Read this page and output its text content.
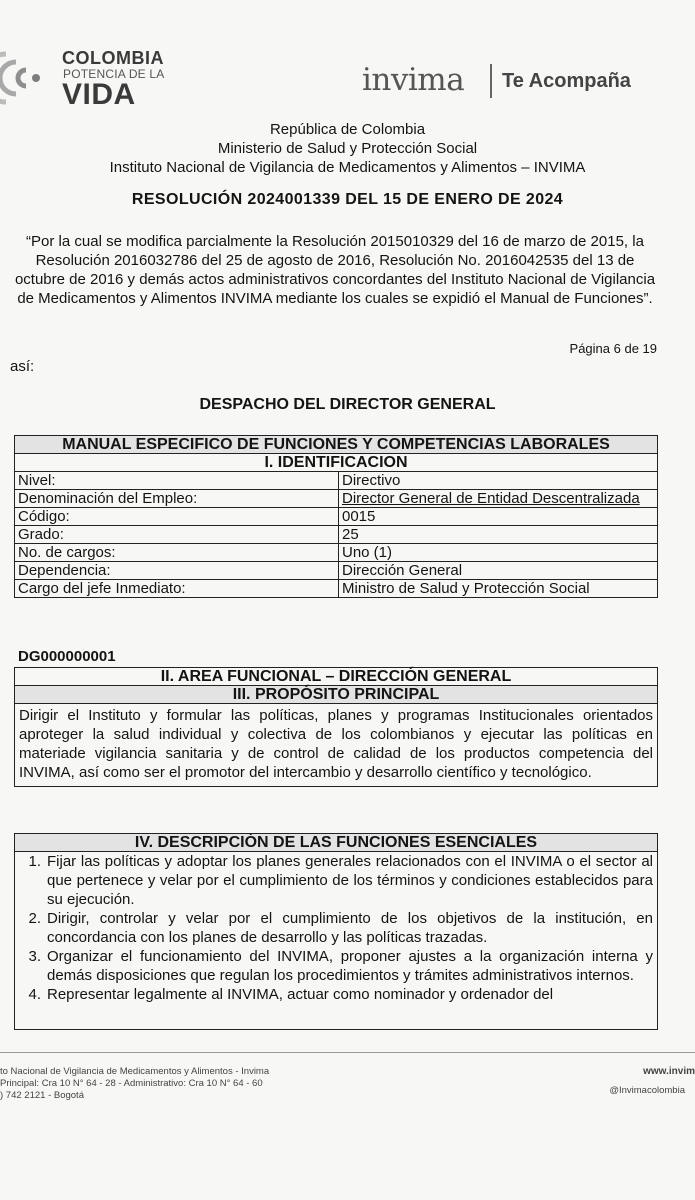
COLOMBIA
POTENCIA DE LA
VIDA	invima Te Acompaña
República de Colombia
Ministerio de Salud y Protección Social
Instituto Nacional de Vigilancia de Medicamentos y Alimentos – INVIMA
RESOLUCIÓN 2024001339 DEL 15 DE ENERO DE 2024
“Por la cual se modifica parcialmente la Resolución 2015010329 del 16 de marzo de 2015, la Resolución 2016032786 del 25 de agosto de 2016, Resolución No. 2016042535 del 13 de octubre de 2016 y demás actos administrativos concordantes del Instituto Nacional de Vigilancia de Medicamentos y Alimentos INVIMA mediante los cuales se expidió el Manual de Funciones”.
Página 6 de 19
así:
DESPACHO DEL DIRECTOR GENERAL
MANUAL ESPECIFICO DE FUNCIONES Y COMPETENCIAS LABORALES
I. IDENTIFICACION
Nivel:	Directivo
Denominación del Empleo:	Director General de Entidad Descentralizada
Código:	0015
Grado:	25
No. de cargos:	Uno (1)
Dependencia:	Dirección General
Cargo del jefe Inmediato:	Ministro de Salud y Protección Social
DG000000001
II. AREA FUNCIONAL – DIRECCIÓN GENERAL
III. PROPÓSITO PRINCIPAL
Dirigir el Instituto y formular las políticas, planes y programas Institucionales orientados aproteger la salud individual y colectiva de los colombianos y ejecutar las políticas en materiade vigilancia sanitaria y de control de calidad de los productos competencia del INVIMA, así como ser el promotor del intercambio y desarrollo científico y tecnológico.
IV. DESCRIPCIÓN DE LAS FUNCIONES ESENCIALES
1. Fijar las políticas y adoptar los planes generales relacionados con el INVIMA o el sector al que pertenece y velar por el cumplimiento de los términos y condiciones establecidos para su ejecución.
2. Dirigir, controlar y velar por el cumplimiento de los objetivos de la institución, en concordancia con los planes de desarrollo y las políticas trazadas.
3. Organizar el funcionamiento del INVIMA, proponer ajustes a la organización interna y demás disposiciones que regulan los procedimientos y trámites administrativos internos.
4. Representar legalmente al INVIMA, actuar como nominador y ordenador del
to Nacional de Vigilancia de Medicamentos y Alimentos - Invima
Principal: Cra 10 N° 64 - 28 - Administrativo: Cra 10 N° 64 - 60
) 742 2121 - Bogotá
www.invim
@Invimacolombia
